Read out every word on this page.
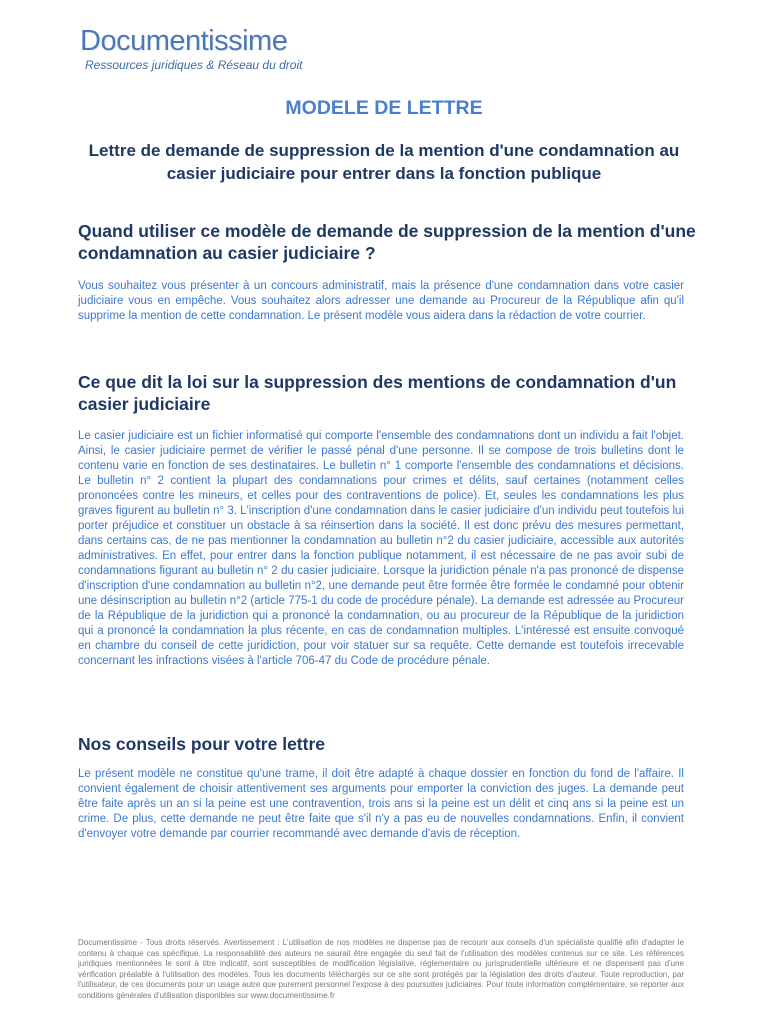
Documentissime
Ressources juridiques & Réseau du droit
MODELE DE LETTRE
Lettre de demande de suppression de la mention d'une condamnation au casier judiciaire pour entrer dans la fonction publique
Quand utiliser ce modèle de demande de suppression de la mention d'une condamnation au casier judiciaire ?
Vous souhaitez vous présenter à un concours administratif, mais la présence d'une condamnation dans votre casier judiciaire vous en empêche. Vous souhaitez alors adresser une demande au Procureur de la République afin qu'il supprime la mention de cette condamnation. Le présent modèle vous aidera dans la rédaction de votre courrier.
Ce que dit la loi sur la suppression des mentions de condamnation d'un casier judiciaire
Le casier judiciaire est un fichier informatisé qui comporte l'ensemble des condamnations dont un individu a fait l'objet. Ainsi, le casier judiciaire permet de vérifier le passé pénal d'une personne. Il se compose de trois bulletins dont le contenu varie en fonction de ses destinataires. Le bulletin n° 1 comporte l'ensemble des condamnations et décisions. Le bulletin n° 2 contient la plupart des condamnations pour crimes et délits, sauf certaines (notamment celles prononcées contre les mineurs, et celles pour des contraventions de police). Et, seules les condamnations les plus graves figurent au bulletin n° 3. L'inscription d'une condamnation dans le casier judiciaire d'un individu peut toutefois lui porter préjudice et constituer un obstacle à sa réinsertion dans la société. Il est donc prévu des mesures permettant, dans certains cas, de ne pas mentionner la condamnation au bulletin n°2 du casier judiciaire, accessible aux autorités administratives. En effet, pour entrer dans la fonction publique notamment, il est nécessaire de ne pas avoir subi de condamnations figurant au bulletin n° 2 du casier judiciaire. Lorsque la juridiction pénale n'a pas prononcé de dispense d'inscription d'une condamnation au bulletin n°2, une demande peut être formée être formée le condamné pour obtenir une désinscription au bulletin n°2 (article 775-1 du code de procédure pénale). La demande est adressée au Procureur de la République de la juridiction qui a prononcé la condamnation, ou au procureur de la République de la juridiction qui a prononcé la condamnation la plus récente, en cas de condamnation multiples. L'intéressé est ensuite convoqué en chambre du conseil de cette juridiction, pour voir statuer sur sa requête. Cette demande est toutefois irrecevable concernant les infractions visées à l'article 706-47 du Code de procédure pénale.
Nos conseils pour votre lettre
Le présent modèle ne constitue qu'une trame, il doit être adapté à chaque dossier en fonction du fond de l'affaire. Il convient également de choisir attentivement ses arguments pour emporter la conviction des juges. La demande peut être faite après un an si la peine est une contravention, trois ans si la peine est un délit et cinq ans si la peine est un crime. De plus, cette demande ne peut être faite que s'il n'y a pas eu de nouvelles condamnations. Enfin, il convient d'envoyer votre demande par courrier recommandé avec demande d'avis de réception.
Documentissime - Tous droits réservés. Avertissement : L'utilisation de nos modèles ne dispense pas de recourir aux conseils d'un spécialiste qualifié afin d'adapter le contenu à chaque cas spécifique. La responsabilité des auteurs ne saurait être engagée du seul fait de l'utilisation des modèles contenus sur ce site. Les références juridiques mentionnées le sont à titre indicatif, sont susceptibles de modification législative, réglementaire ou jurisprudentielle ultérieure et ne dispensent pas d'une vérification préalable à l'utilisation des modèles. Tous les documents téléchargés sur ce site sont protégés par la législation des droits d'auteur. Toute reproduction, par l'utilisateur, de ces documents pour un usage autre que purement personnel l'expose à des poursuites judiciaires. Pour toute information complémentaire, se reporter aux conditions générales d'utilisation disponibles sur www.documentissime.fr
